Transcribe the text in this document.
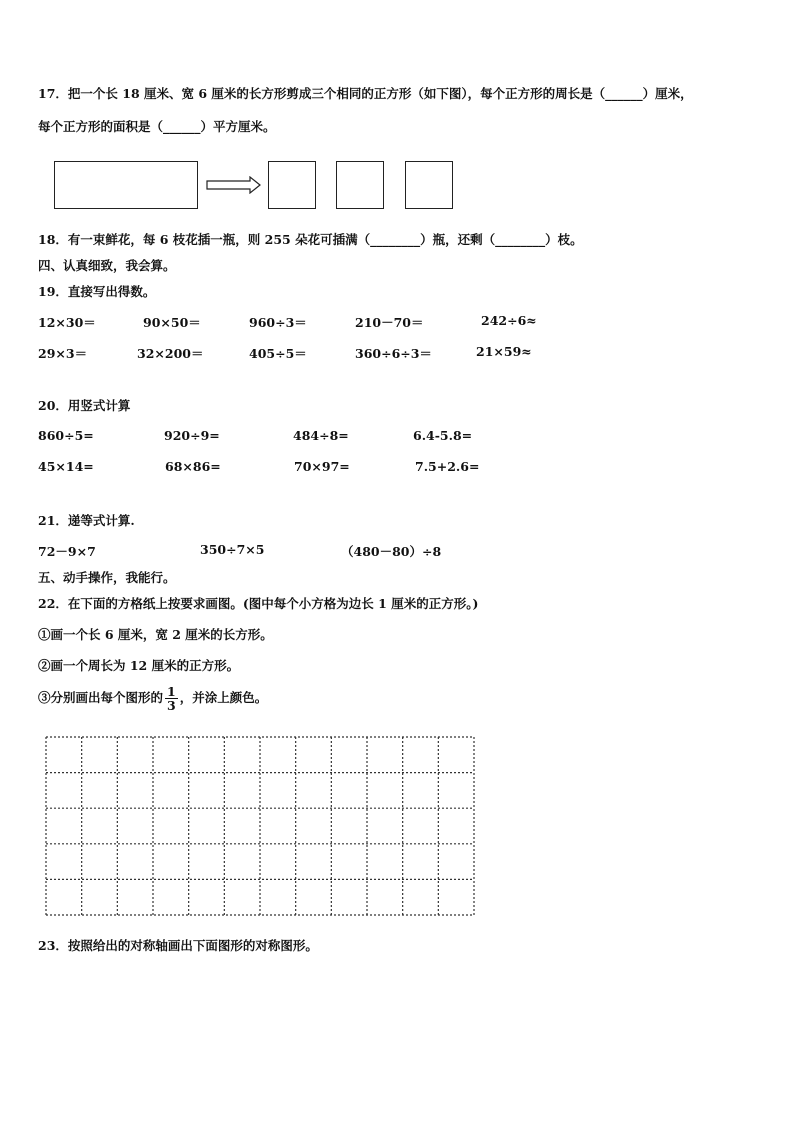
17．把一个长 18 厘米、宽 6 厘米的长方形剪成三个相同的正方形（如下图），每个正方形的周长是（______）厘米，
每个正方形的面积是（______）平方厘米。
18．有一束鲜花，每 6 枝花插一瓶，则 255 朵花可插满（________）瓶，还剩（________）枝。
四、认真细致，我会算。
19．直接写出得数。
12×30＝	90×50＝	960÷3＝	210－70＝	242÷6≈
29×3＝	32×200＝	405÷5＝	360÷6÷3＝	21×59≈
20．用竖式计算
860÷5=	920÷9=	484÷8=	6.4-5.8=
45×14=	68×86=	70×97=	7.5+2.6=
21．递等式计算.
72－9×7	350÷7×5	（480－80）÷8
五、动手操作，我能行。
22．在下面的方格纸上按要求画图。(图中每个小方格为边长 1 厘米的正方形。)
①画一个长 6 厘米，宽 2 厘米的长方形。
②画一个周长为 12 厘米的正方形。
③分别画出每个图形的 $\frac{1}{3}$ ，并涂上颜色。
23．按照给出的对称轴画出下面图形的对称图形。
